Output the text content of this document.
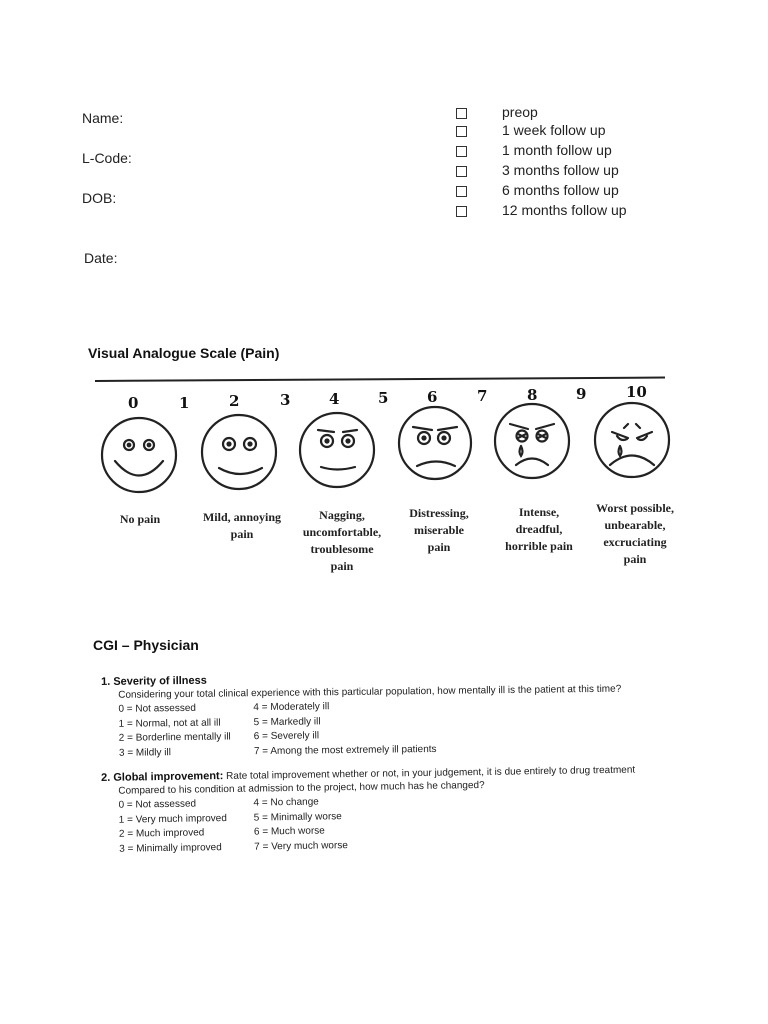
Name:
L-Code:
DOB:
Date:
preop
1 week follow up
1 month follow up
3 months follow up
6 months follow up
12 months follow up
Visual Analogue Scale (Pain)
0	1	2	3	4	5	6	7	8	9	10
No pain	Mild, annoying
pain
Nagging,
uncomfortable,
troublesome
pain
Distressing,
miserable
pain
Intense,
dreadful,
horrible pain
Worst possible,
unbearable,
excruciating
pain
CGI – Physician
1. Severity of illness
Considering your total clinical experience with this particular population, how mentally ill is the patient at this time?
0 = Not assessed
1 = Normal, not at all ill
2 = Borderline mentally ill
3 = Mildly ill
4 = Moderately ill
5 = Markedly ill
6 = Severely ill
7 = Among the most extremely ill patients
2. Global improvement: Rate total improvement whether or not, in your judgement, it is due entirely to drug treatment
Compared to his condition at admission to the project, how much has he changed?
0 = Not assessed
1 = Very much improved
2 = Much improved
3 = Minimally improved
4 = No change
5 = Minimally worse
6 = Much worse
7 = Very much worse
